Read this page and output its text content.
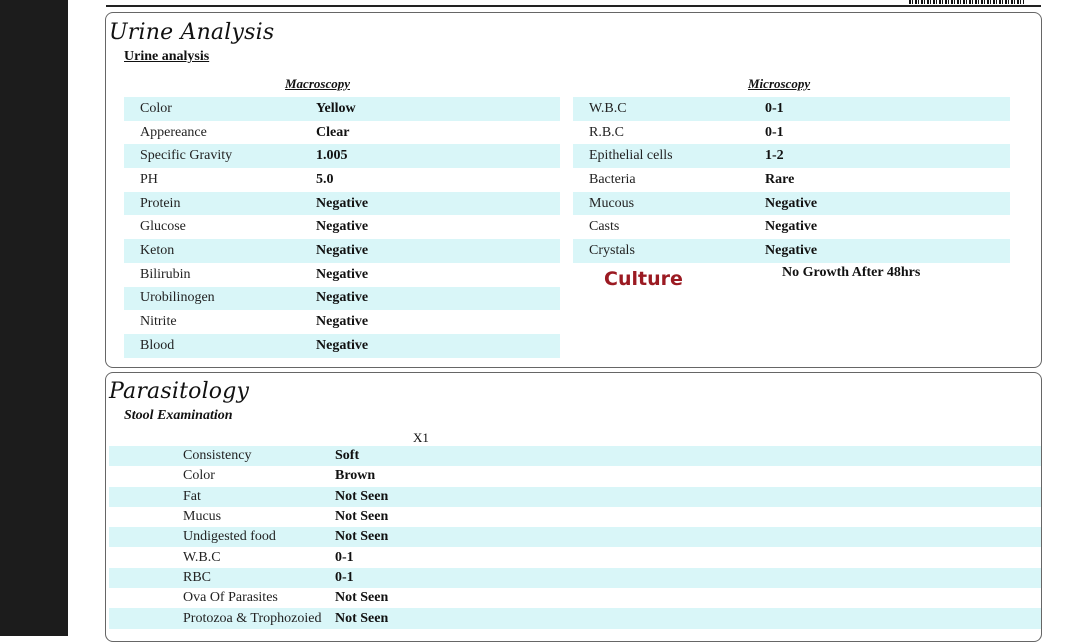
Urine Analysis
Urine analysis
Macroscopy	Microscopy
Color	Yellow
Appereance	Clear
Specific Gravity	1.005
PH	5.0
Protein	Negative
Glucose	Negative
Keton	Negative
Bilirubin	Negative
Urobilinogen	Negative
Nitrite	Negative
Blood	Negative
W.B.C	0-1
R.B.C	0-1
Epithelial cells	1-2
Bacteria	Rare
Mucous	Negative
Casts	Negative
Crystals	Negative
Culture	No Growth After 48hrs
Parasitology
Stool Examination
X1
Consistency	Soft
Color	Brown
Fat	Not Seen
Mucus	Not Seen
Undigested food	Not Seen
W.B.C	0-1
RBC	0-1
Ova Of Parasites	Not Seen
Protozoa & Trophozoied Not Seen
